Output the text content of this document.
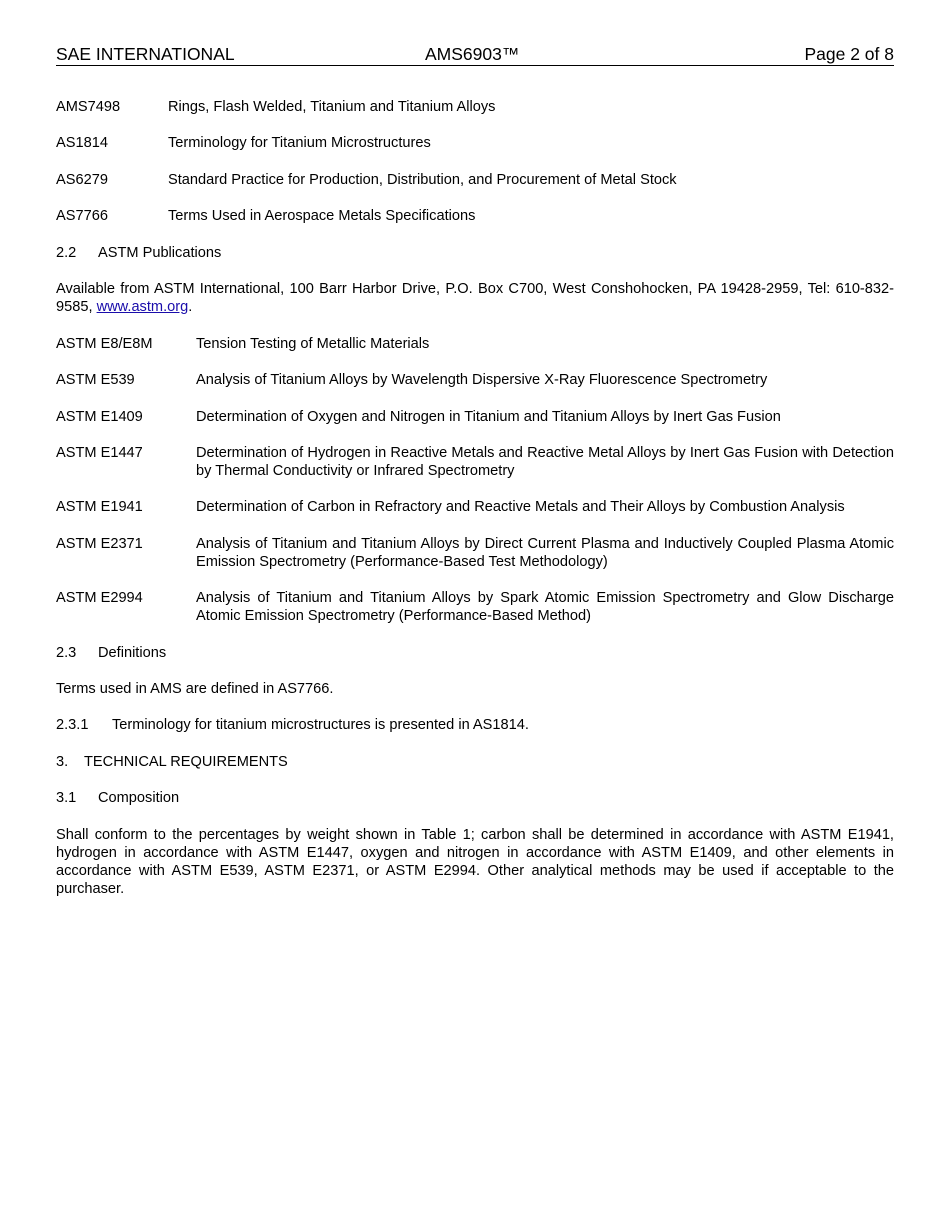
SAE INTERNATIONAL	AMS6903™	Page 2 of 8
AMS7498	Rings, Flash Welded, Titanium and Titanium Alloys
AS1814	Terminology for Titanium Microstructures
AS6279	Standard Practice for Production, Distribution, and Procurement of Metal Stock
AS7766	Terms Used in Aerospace Metals Specifications
2.2 ASTM Publications
Available from ASTM International, 100 Barr Harbor Drive, P.O. Box C700, West Conshohocken, PA 19428-2959, Tel: 610-832-9585, www.astm.org.
ASTM E8/E8M	Tension Testing of Metallic Materials
ASTM E539	Analysis of Titanium Alloys by Wavelength Dispersive X-Ray Fluorescence Spectrometry
ASTM E1409	Determination of Oxygen and Nitrogen in Titanium and Titanium Alloys by Inert Gas Fusion
ASTM E1447	Determination of Hydrogen in Reactive Metals and Reactive Metal Alloys by Inert Gas Fusion with Detection by Thermal Conductivity or Infrared Spectrometry
ASTM E1941	Determination of Carbon in Refractory and Reactive Metals and Their Alloys by Combustion Analysis
ASTM E2371	Analysis of Titanium and Titanium Alloys by Direct Current Plasma and Inductively Coupled Plasma Atomic Emission Spectrometry (Performance-Based Test Methodology)
ASTM E2994	Analysis of Titanium and Titanium Alloys by Spark Atomic Emission Spectrometry and Glow Discharge Atomic Emission Spectrometry (Performance-Based Method)
2.3 Definitions
Terms used in AMS are defined in AS7766.
2.3.1 Terminology for titanium microstructures is presented in AS1814.
3. TECHNICAL REQUIREMENTS
3.1 Composition
Shall conform to the percentages by weight shown in Table 1; carbon shall be determined in accordance with ASTM E1941, hydrogen in accordance with ASTM E1447, oxygen and nitrogen in accordance with ASTM E1409, and other elements in accordance with ASTM E539, ASTM E2371, or ASTM E2994. Other analytical methods may be used if acceptable to the purchaser.
